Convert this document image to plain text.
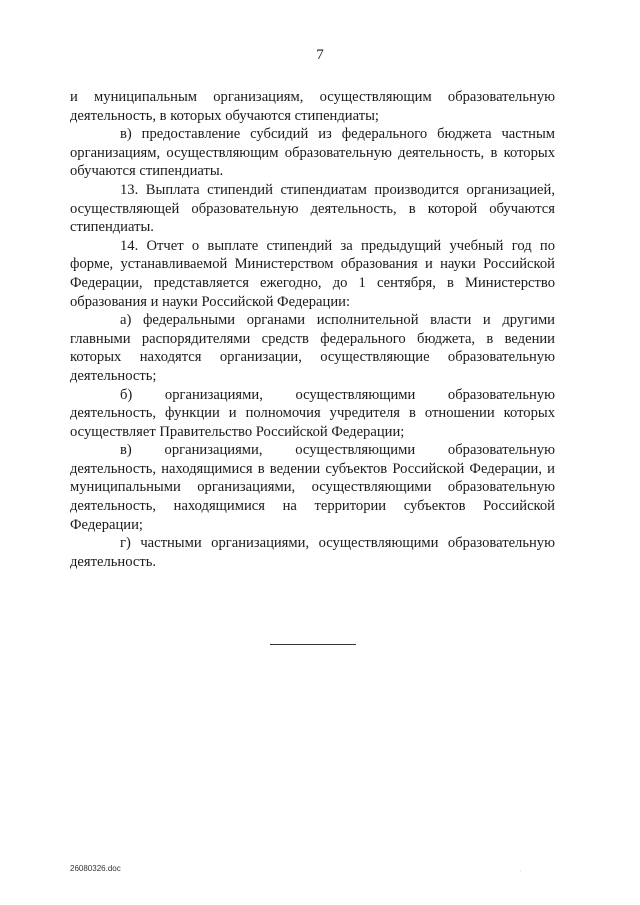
7

и муниципальным организациям, осуществляющим образовательную деятельность, в которых обучаются стипендиаты;

в) предоставление субсидий из федерального бюджета частным организациям, осуществляющим образовательную деятельность, в которых обучаются стипендиаты.

13. Выплата стипендий стипендиатам производится организацией, осуществляющей образовательную деятельность, в которой обучаются стипендиаты.

14. Отчет о выплате стипендий за предыдущий учебный год по форме, устанавливаемой Министерством образования и науки Российской Федерации, представляется ежегодно, до 1 сентября, в Министерство образования и науки Российской Федерации:

а) федеральными органами исполнительной власти и другими главными распорядителями средств федерального бюджета, в ведении которых находятся организации, осуществляющие образовательную деятельность;

б) организациями, осуществляющими образовательную деятельность, функции и полномочия учредителя в отношении которых осуществляет Правительство Российской Федерации;

в) организациями, осуществляющими образовательную деятельность, находящимися в ведении субъектов Российской Федерации, и муниципальными организациями, осуществляющими образовательную деятельность, находящимися на территории субъектов Российской Федерации;

г) частными организациями, осуществляющими образовательную деятельность.

26080326.doc	·
